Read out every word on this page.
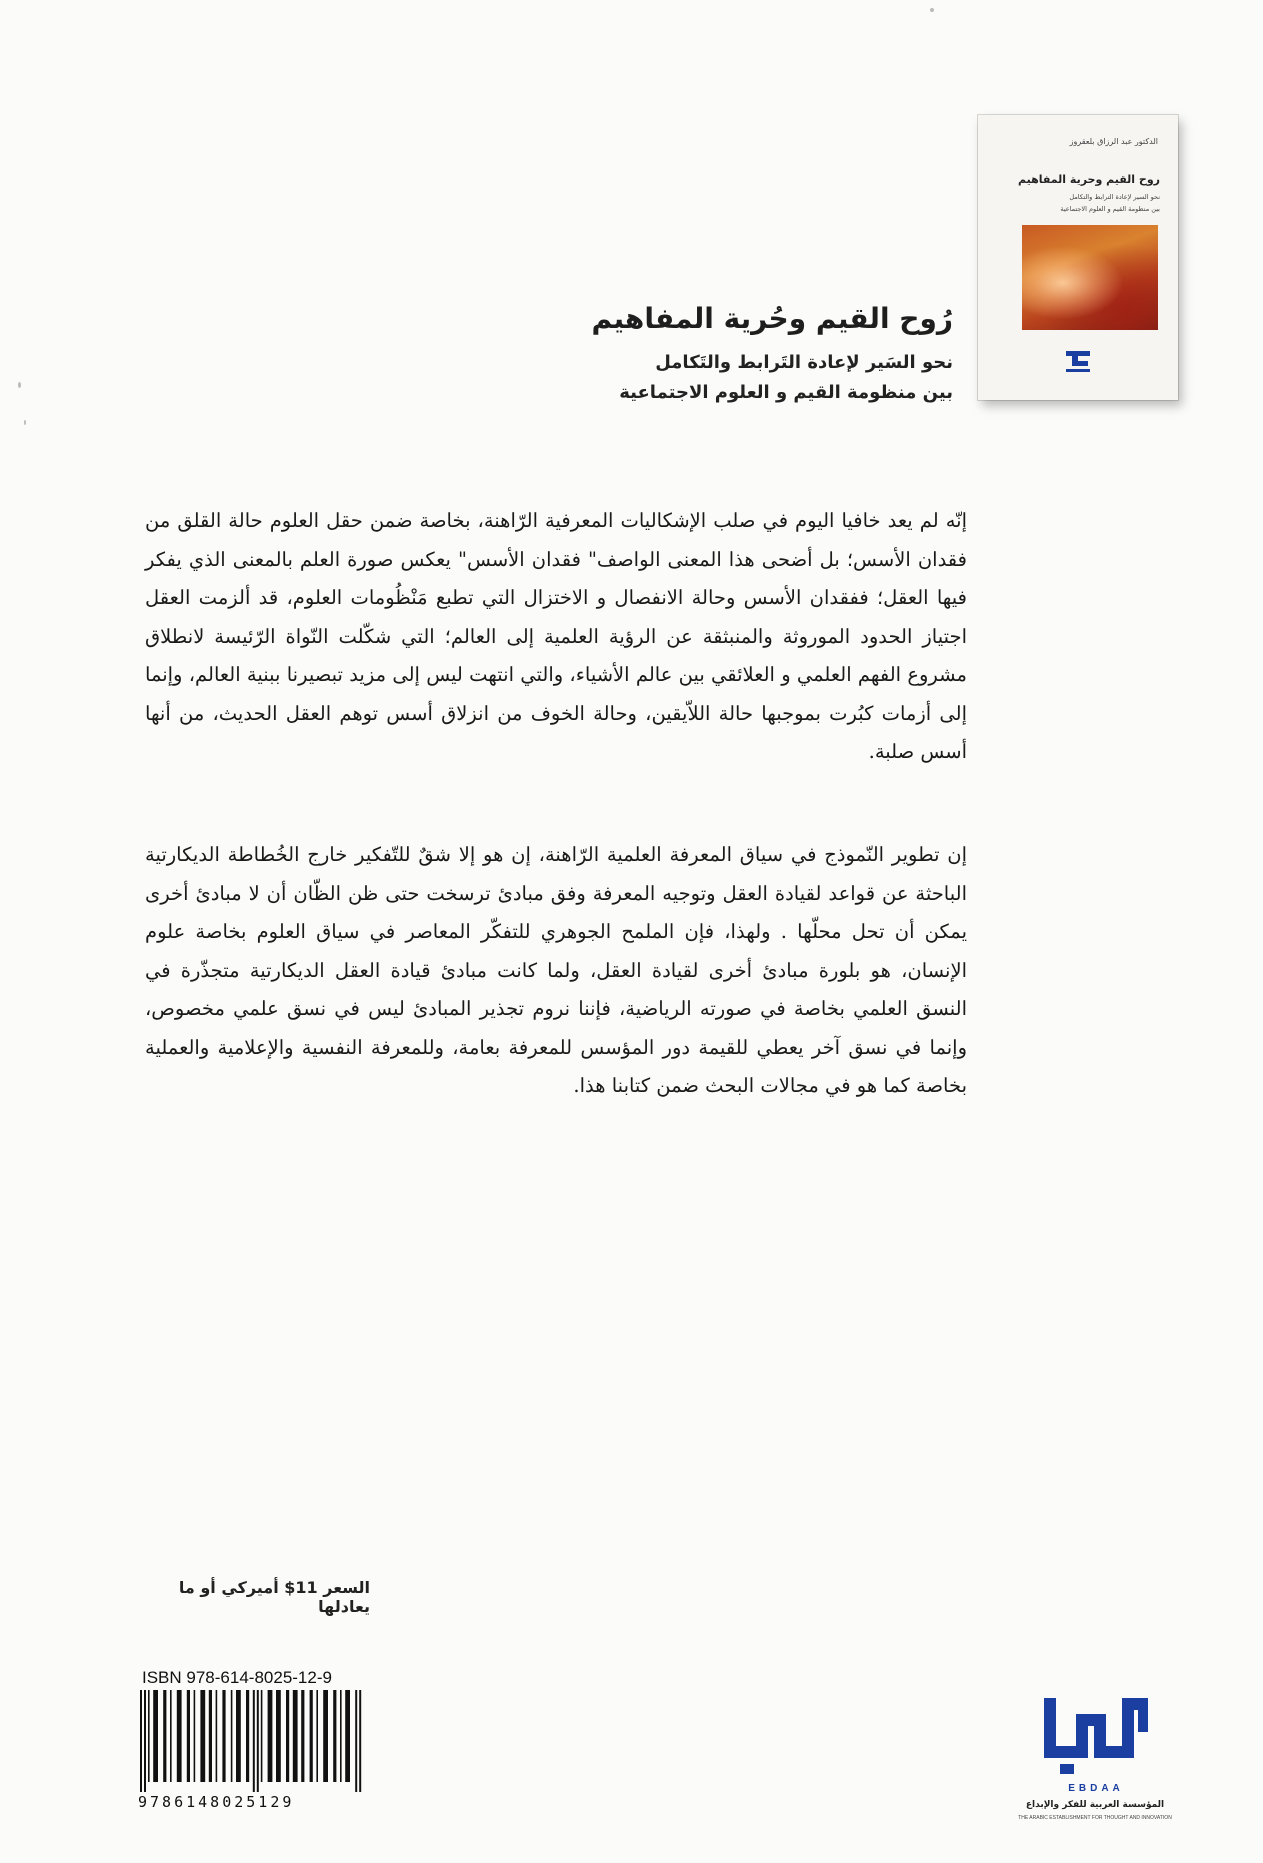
الدكتور عبد الرزاق بلعقروز
روح القيم وحرية المفاهيم
نحو السير لإعادة الترابط والتكامل
بين منظومة القيم و العلوم الاجتماعية
رُوح القيم وحُرية المفاهيم

نحو السَير لإعادة التَرابط والتَكامل

بين منظومة القيم و العلوم الاجتماعية

إنّه لم يعد خافيا اليوم في صلب الإشكاليات المعرفية الرّاهنة، بخاصة ضمن حقل العلوم حالة القلق من فقدان الأسس؛ بل أضحى هذا المعنى الواصف" فقدان الأسس" يعكس صورة العلم بالمعنى الذي يفكر فيها العقل؛ ففقدان الأسس وحالة الانفصال و الاختزال التي تطبع مَنْظُومات العلوم، قد ألزمت العقل اجتياز الحدود الموروثة والمنبثقة عن الرؤية العلمية إلى العالم؛ التي شكّلت النّواة الرّئيسة لانطلاق مشروع الفهم العلمي و العلائقي بين عالم الأشياء، والتي انتهت ليس إلى مزيد تبصيرنا ببنية العالم، وإنما إلى أزمات كبُرت بموجبها حالة اللاّيقين، وحالة الخوف من انزلاق أسس توهم العقل الحديث، من أنها أسس صلبة.

إن تطوير النّموذج في سياق المعرفة العلمية الرّاهنة، إن هو إلا شقٌ للتّفكير خارج الخُطاطة الديكارتية الباحثة عن قواعد لقيادة العقل وتوجيه المعرفة وفق مبادئ ترسخت حتى ظن الظّان أن لا مبادئ أخرى يمكن أن تحل محلّها . ولهذا، فإن الملمح الجوهري للتفكّر المعاصر في سياق العلوم بخاصة علوم الإنسان، هو بلورة مبادئ أخرى لقيادة العقل، ولما كانت مبادئ قيادة العقل الديكارتية متجذّرة في النسق العلمي بخاصة في صورته الرياضية، فإننا نروم تجذير المبادئ ليس في نسق علمي مخصوص، وإنما في نسق آخر يعطي للقيمة دور المؤسس للمعرفة بعامة، وللمعرفة النفسية والإعلامية والعملية بخاصة كما هو في مجالات البحث ضمن كتابنا هذا.

السعر 11$ أميركي أو ما يعادلها
ISBN 978-614-8025-12-9
9786148025129
EBDAA
المؤسسة العربية للفكر والإبداع
THE ARABIC ESTABLISHMENT FOR THOUGHT AND INNOVATION
